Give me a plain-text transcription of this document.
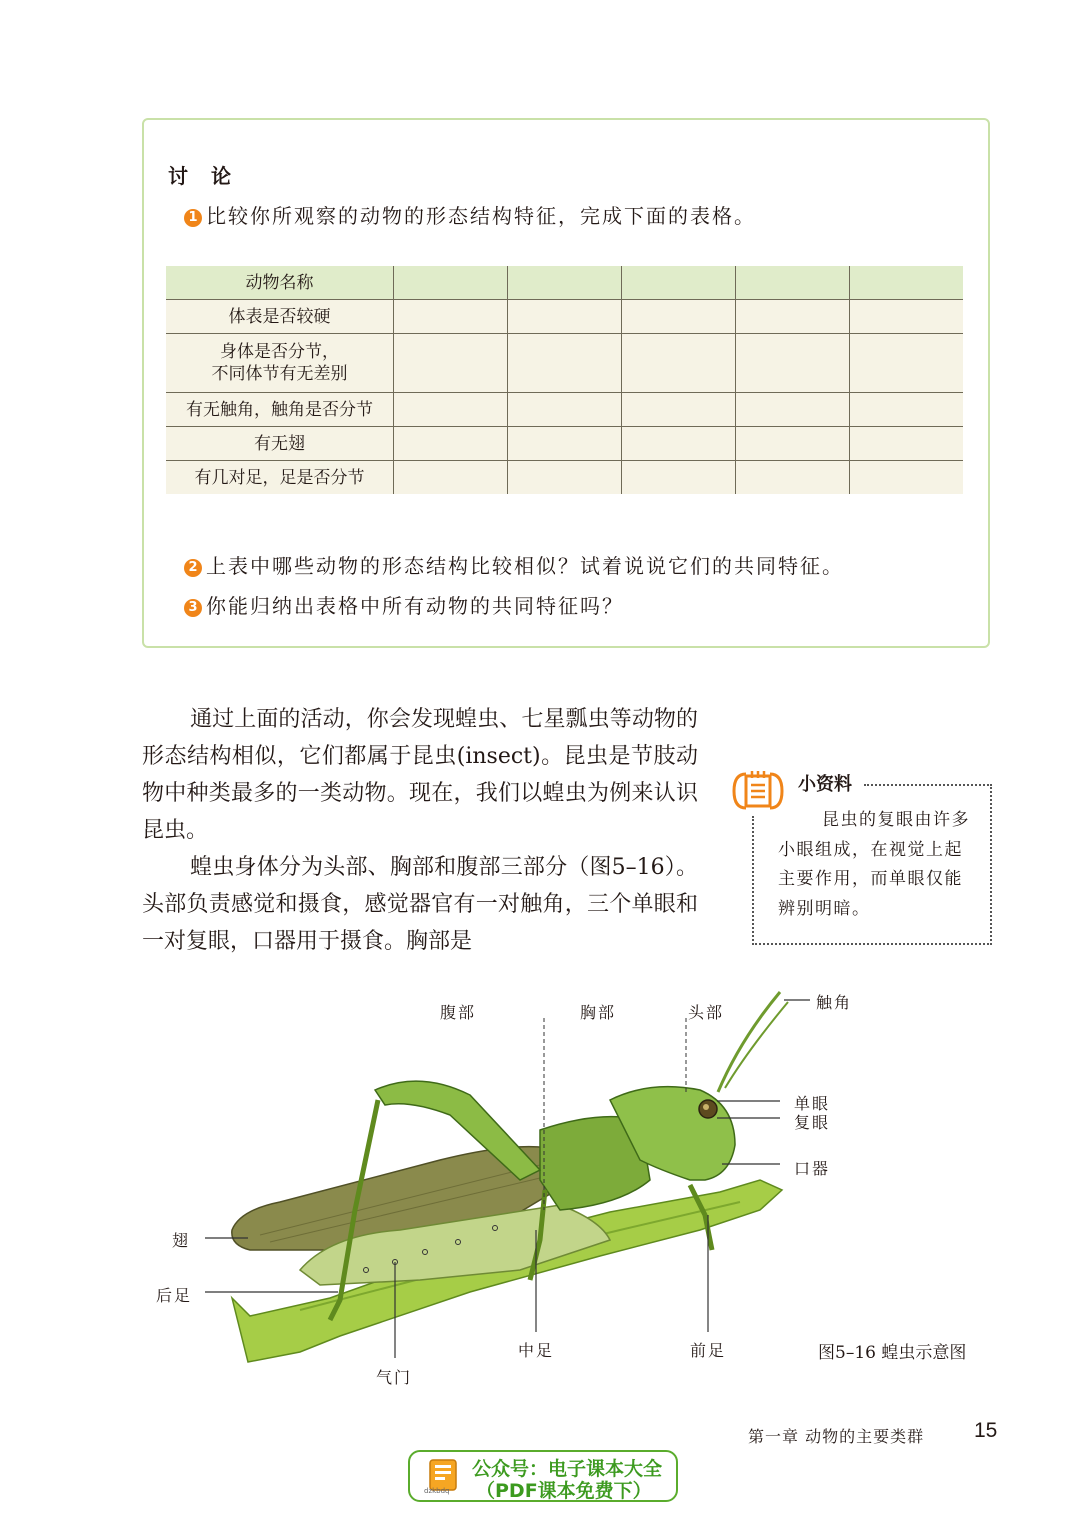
讨 论
1 比较你所观察的动物的形态结构特征，完成下面的表格。
动物名称					
体表是否较硬					
身体是否分节，
不同体节有无差别					
有无触角，触角是否分节					
有无翅					
有几对足，足是否分节					
2 上表中哪些动物的形态结构比较相似？试着说说它们的共同特征。
3 你能归纳出表格中所有动物的共同特征吗？
通过上面的活动，你会发现蝗虫、七星瓢虫等动物的形态结构相似，它们都属于昆虫(insect)。昆虫是节肢动物中种类最多的一类动物。现在，我们以蝗虫为例来认识昆虫。
蝗虫身体分为头部、胸部和腹部三部分（图5–16）。头部负责感觉和摄食，感觉器官有一对触角，三个单眼和一对复眼，口器用于摄食。胸部是
小资料
昆虫的复眼由许多小眼组成，在视觉上起主要作用，而单眼仅能辨别明暗。
腹部	胸部	头部
触角
单眼
复眼
口器
翅
后足
中足	前足
气门
图5–16 蝗虫示意图
第一章 动物的主要类群 15
dzkbdq
公众号：电子课本大全
（PDF课本免费下）
